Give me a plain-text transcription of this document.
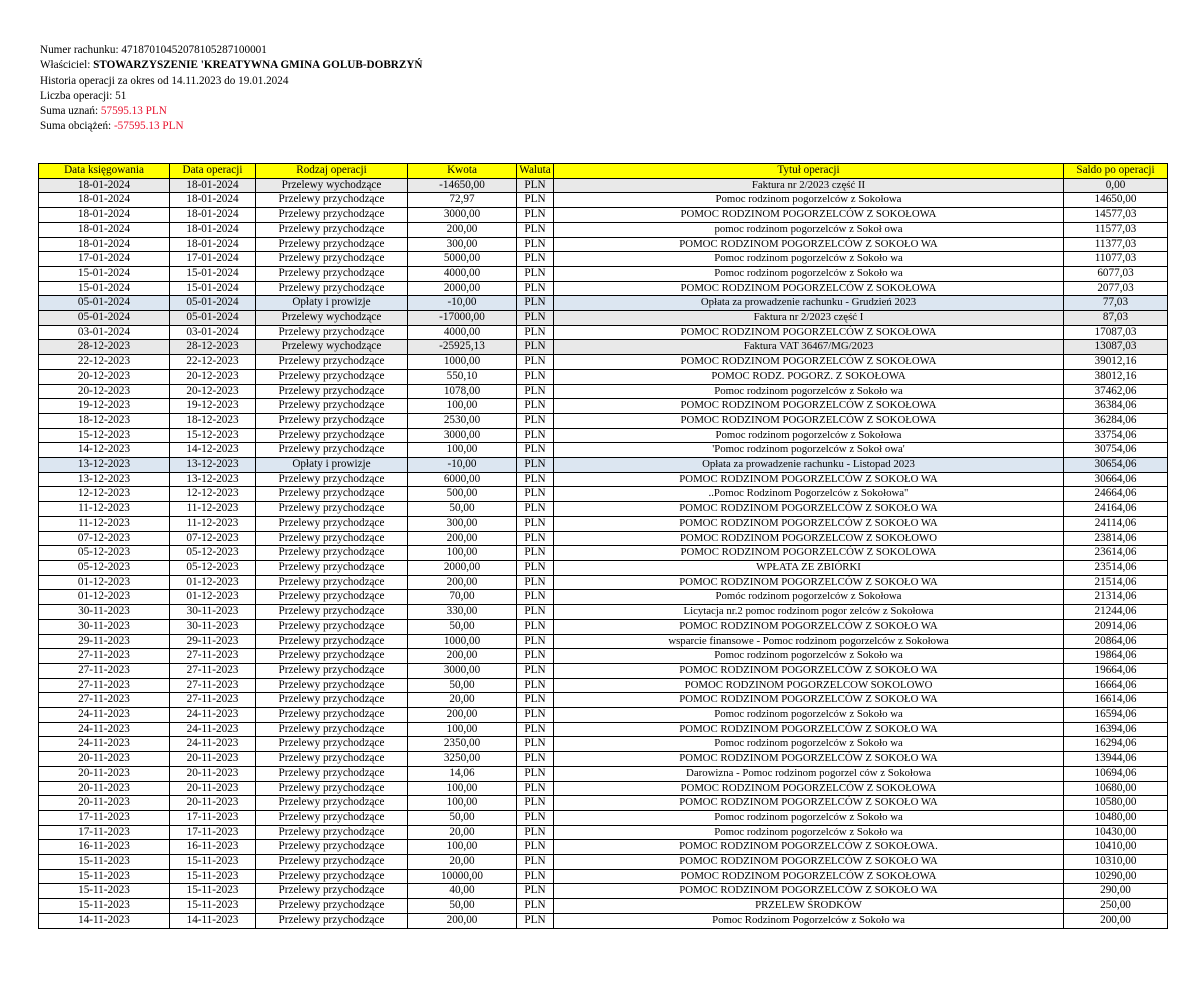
Numer rachunku: 47187010452078105287100001
Właściciel: STOWARZYSZENIE 'KREATYWNA GMINA GOLUB-DOBRZYŃ
Historia operacji za okres od 14.11.2023 do 19.01.2024
Liczba operacji: 51
Suma uznań: 57595.13 PLN
Suma obciążeń: -57595.13 PLN
Data księgowania	Data operacji	Rodzaj operacji	Kwota	Waluta	Tytuł operacji	Saldo po operacji
18-01-2024	18-01-2024	Przelewy wychodzące	-14650,00	PLN	Faktura nr 2/2023 część II	0,00
18-01-2024	18-01-2024	Przelewy przychodzące	72,97	PLN	Pomoc rodzinom pogorzelców z Sokołowa	14650,00
18-01-2024	18-01-2024	Przelewy przychodzące	3000,00	PLN	POMOC RODZINOM POGORZELCÓW Z SOKOŁOWA	14577,03
18-01-2024	18-01-2024	Przelewy przychodzące	200,00	PLN	pomoc rodzinom pogorzelców z Sokoł owa	11577,03
18-01-2024	18-01-2024	Przelewy przychodzące	300,00	PLN	POMOC RODZINOM POGORZELCÓW Z SOKOŁO WA	11377,03
17-01-2024	17-01-2024	Przelewy przychodzące	5000,00	PLN	Pomoc rodzinom pogorzelców z Sokoło wa	11077,03
15-01-2024	15-01-2024	Przelewy przychodzące	4000,00	PLN	Pomoc rodzinom pogorzelców z Sokoło wa	6077,03
15-01-2024	15-01-2024	Przelewy przychodzące	2000,00	PLN	POMOC RODZINOM POGORZELCÓW Z SOKOŁOWA	2077,03
05-01-2024	05-01-2024	Opłaty i prowizje	-10,00	PLN	Opłata za prowadzenie rachunku - Grudzień 2023	77,03
05-01-2024	05-01-2024	Przelewy wychodzące	-17000,00	PLN	Faktura nr 2/2023 część I	87,03
03-01-2024	03-01-2024	Przelewy przychodzące	4000,00	PLN	POMOC RODZINOM POGORZELCÓW Z SOKOŁOWA	17087,03
28-12-2023	28-12-2023	Przelewy wychodzące	-25925,13	PLN	Faktura VAT 36467/MG/2023	13087,03
22-12-2023	22-12-2023	Przelewy przychodzące	1000,00	PLN	POMOC RODZINOM POGORZELCÓW Z SOKOŁOWA	39012,16
20-12-2023	20-12-2023	Przelewy przychodzące	550,10	PLN	POMOC RODZ. POGORZ. Z SOKOŁOWA	38012,16
20-12-2023	20-12-2023	Przelewy przychodzące	1078,00	PLN	Pomoc rodzinom pogorzelców z Sokoło wa	37462,06
19-12-2023	19-12-2023	Przelewy przychodzące	100,00	PLN	POMOC RODZINOM POGORZELCÓW Z SOKOŁOWA	36384,06
18-12-2023	18-12-2023	Przelewy przychodzące	2530,00	PLN	POMOC RODZINOM POGORZELCÓW Z SOKOŁOWA	36284,06
15-12-2023	15-12-2023	Przelewy przychodzące	3000,00	PLN	Pomoc rodzinom pogorzelców z Sokołowa	33754,06
14-12-2023	14-12-2023	Przelewy przychodzące	100,00	PLN	'Pomoc rodzinom pogorzelców z Sokoł owa'	30754,06
13-12-2023	13-12-2023	Opłaty i prowizje	-10,00	PLN	Opłata za prowadzenie rachunku - Listopad 2023	30654,06
13-12-2023	13-12-2023	Przelewy przychodzące	6000,00	PLN	POMOC RODZINOM POGORZELCÓW Z SOKOŁO WA	30664,06
12-12-2023	12-12-2023	Przelewy przychodzące	500,00	PLN	..Pomoc Rodzinom Pogorzelców z Sokołowa"	24664,06
11-12-2023	11-12-2023	Przelewy przychodzące	50,00	PLN	POMOC RODZINOM POGORZELCÓW Z SOKOŁO WA	24164,06
11-12-2023	11-12-2023	Przelewy przychodzące	300,00	PLN	POMOC RODZINOM POGORZELCÓW Z SOKOŁO WA	24114,06
07-12-2023	07-12-2023	Przelewy przychodzące	200,00	PLN	POMOC RODZINOM POGORZELCOW Z SOKOŁOWO	23814,06
05-12-2023	05-12-2023	Przelewy przychodzące	100,00	PLN	POMOC RODZINOM POGORZELCÓW Z SOKOLOWA	23614,06
05-12-2023	05-12-2023	Przelewy przychodzące	2000,00	PLN	WPŁATA ZE ZBIÓRKI	23514,06
01-12-2023	01-12-2023	Przelewy przychodzące	200,00	PLN	POMOC RODZINOM POGORZELCÓW Z SOKOŁO WA	21514,06
01-12-2023	01-12-2023	Przelewy przychodzące	70,00	PLN	Pomóc rodzinom pogorzelców z Sokołowa	21314,06
30-11-2023	30-11-2023	Przelewy przychodzące	330,00	PLN	Licytacja nr.2 pomoc rodzinom pogor zelców z Sokołowa	21244,06
30-11-2023	30-11-2023	Przelewy przychodzące	50,00	PLN	POMOC RODZINOM POGORZELCÓW Z SOKOŁO WA	20914,06
29-11-2023	29-11-2023	Przelewy przychodzące	1000,00	PLN	wsparcie finansowe - Pomoc rodzinom pogorzelców z Sokołowa	20864,06
27-11-2023	27-11-2023	Przelewy przychodzące	200,00	PLN	Pomoc rodzinom pogorzelców z Sokoło wa	19864,06
27-11-2023	27-11-2023	Przelewy przychodzące	3000,00	PLN	POMOC RODZINOM POGORZELCÓW Z SOKOŁO WA	19664,06
27-11-2023	27-11-2023	Przelewy przychodzące	50,00	PLN	POMOC RODZINOM POGORZELCOW SOKOLOWO	16664,06
27-11-2023	27-11-2023	Przelewy przychodzące	20,00	PLN	POMOC RODZINOM POGORZELCÓW Z SOKOŁO WA	16614,06
24-11-2023	24-11-2023	Przelewy przychodzące	200,00	PLN	Pomoc rodzinom pogorzelców z Sokoło wa	16594,06
24-11-2023	24-11-2023	Przelewy przychodzące	100,00	PLN	POMOC RODZINOM POGORZELCÓW Z SOKOŁO WA	16394,06
24-11-2023	24-11-2023	Przelewy przychodzące	2350,00	PLN	Pomoc rodzinom pogorzelców z Sokoło wa	16294,06
20-11-2023	20-11-2023	Przelewy przychodzące	3250,00	PLN	POMOC RODZINOM POGORZELCÓW Z SOKOŁO WA	13944,06
20-11-2023	20-11-2023	Przelewy przychodzące	14,06	PLN	Darowizna - Pomoc rodzinom pogorzel ców z Sokołowa	10694,06
20-11-2023	20-11-2023	Przelewy przychodzące	100,00	PLN	POMOC RODZINOM POGORZELCÓW Z SOKOŁOWA	10680,00
20-11-2023	20-11-2023	Przelewy przychodzące	100,00	PLN	POMOC RODZINOM POGORZELCÓW Z SOKOŁO WA	10580,00
17-11-2023	17-11-2023	Przelewy przychodzące	50,00	PLN	Pomoc rodzinom pogorzelców z Sokoło wa	10480,00
17-11-2023	17-11-2023	Przelewy przychodzące	20,00	PLN	Pomoc rodzinom pogorzelców z Sokoło wa	10430,00
16-11-2023	16-11-2023	Przelewy przychodzące	100,00	PLN	POMOC RODZINOM POGORZELCÓW Z SOKOŁOWA.	10410,00
15-11-2023	15-11-2023	Przelewy przychodzące	20,00	PLN	POMOC RODZINOM POGORZELCÓW Z SOKOŁO WA	10310,00
15-11-2023	15-11-2023	Przelewy przychodzące	10000,00	PLN	POMOC RODZINOM POGORZELCÓW Z SOKOŁOWA	10290,00
15-11-2023	15-11-2023	Przelewy przychodzące	40,00	PLN	POMOC RODZINOM POGORZELCÓW Z SOKOŁO WA	290,00
15-11-2023	15-11-2023	Przelewy przychodzące	50,00	PLN	PRZELEW ŚRODKÓW	250,00
14-11-2023	14-11-2023	Przelewy przychodzące	200,00	PLN	Pomoc Rodzinom Pogorzelców z Sokoło wa	200,00
